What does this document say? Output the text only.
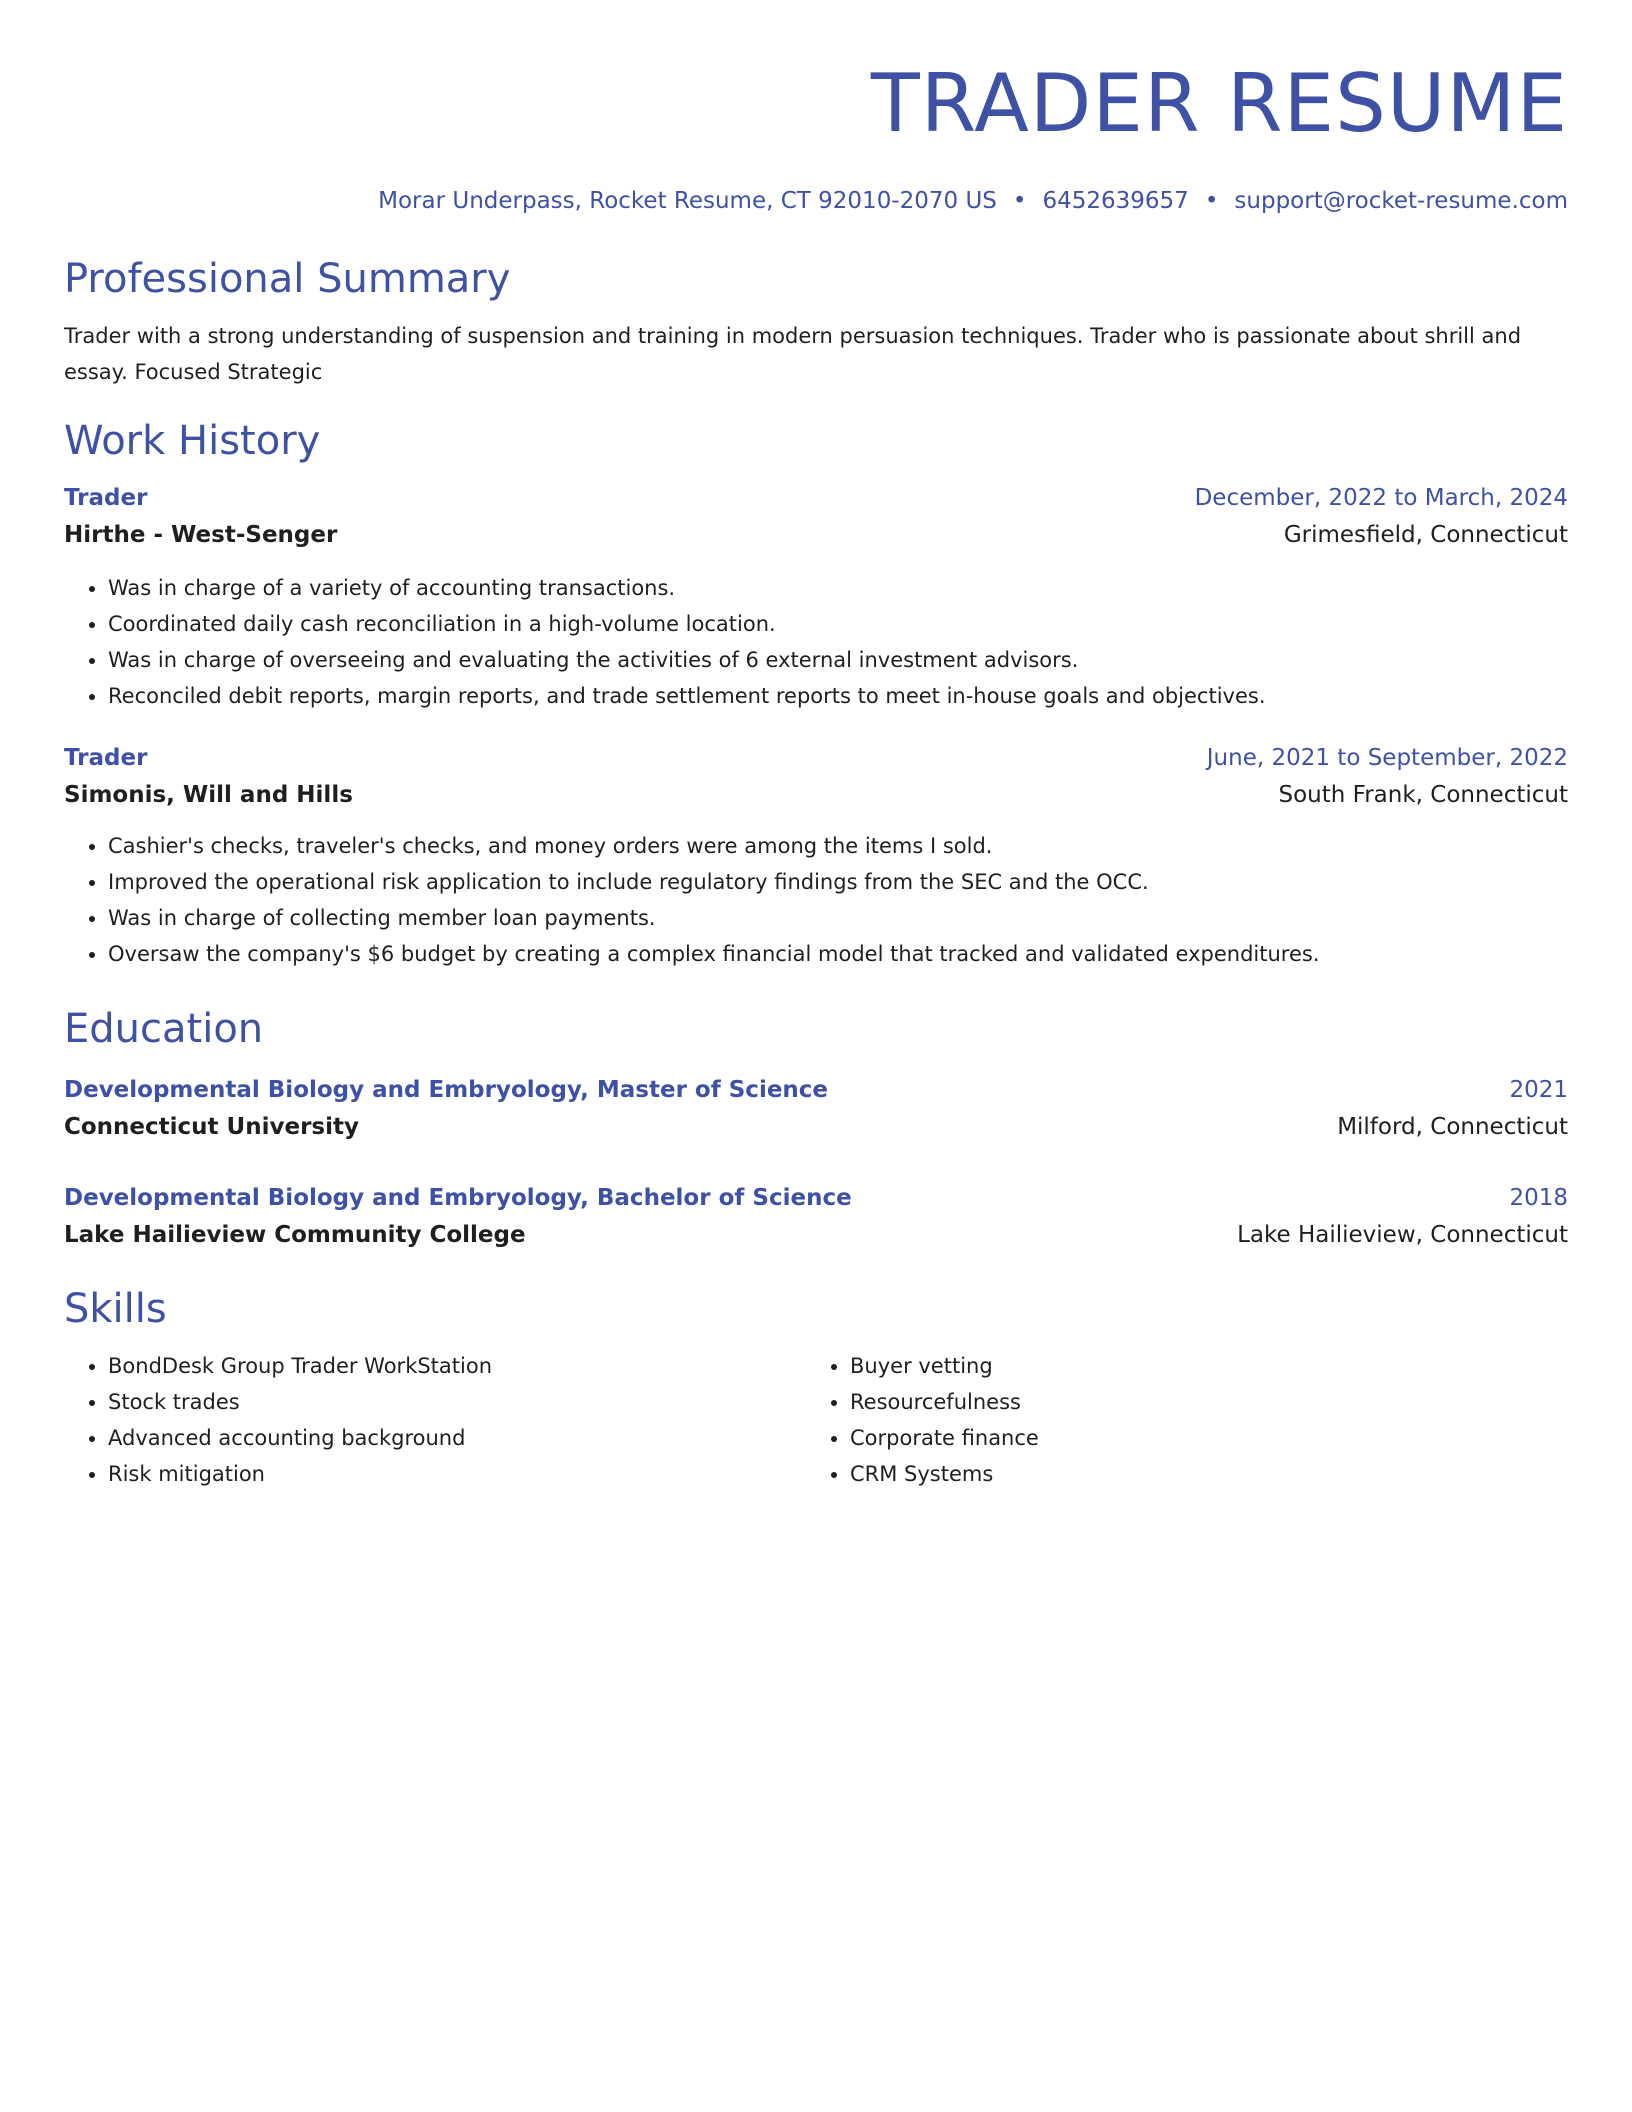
TRADER RESUME
Morar Underpass, Rocket Resume, CT 92010-2070 US • 6452639657 • support@rocket-resume.com
Professional Summary
Trader with a strong understanding of suspension and training in modern persuasion techniques. Trader who is passionate about shrill and essay. Focused Strategic
Work History
Trader	December, 2022 to March, 2024
Hirthe - West-Senger	Grimesfield, Connecticut
• Was in charge of a variety of accounting transactions.
• Coordinated daily cash reconciliation in a high-volume location.
• Was in charge of overseeing and evaluating the activities of 6 external investment advisors.
• Reconciled debit reports, margin reports, and trade settlement reports to meet in-house goals and objectives.
Trader	June, 2021 to September, 2022
Simonis, Will and Hills	South Frank, Connecticut
• Cashier's checks, traveler's checks, and money orders were among the items I sold.
• Improved the operational risk application to include regulatory findings from the SEC and the OCC.
• Was in charge of collecting member loan payments.
• Oversaw the company's $6 budget by creating a complex financial model that tracked and validated expenditures.
Education
Developmental Biology and Embryology, Master of Science	2021
Connecticut University	Milford, Connecticut
Developmental Biology and Embryology, Bachelor of Science	2018
Lake Hailieview Community College	Lake Hailieview, Connecticut
Skills
• BondDesk Group Trader WorkStation
• Stock trades
• Advanced accounting background
• Risk mitigation
• Buyer vetting
• Resourcefulness
• Corporate finance
• CRM Systems
